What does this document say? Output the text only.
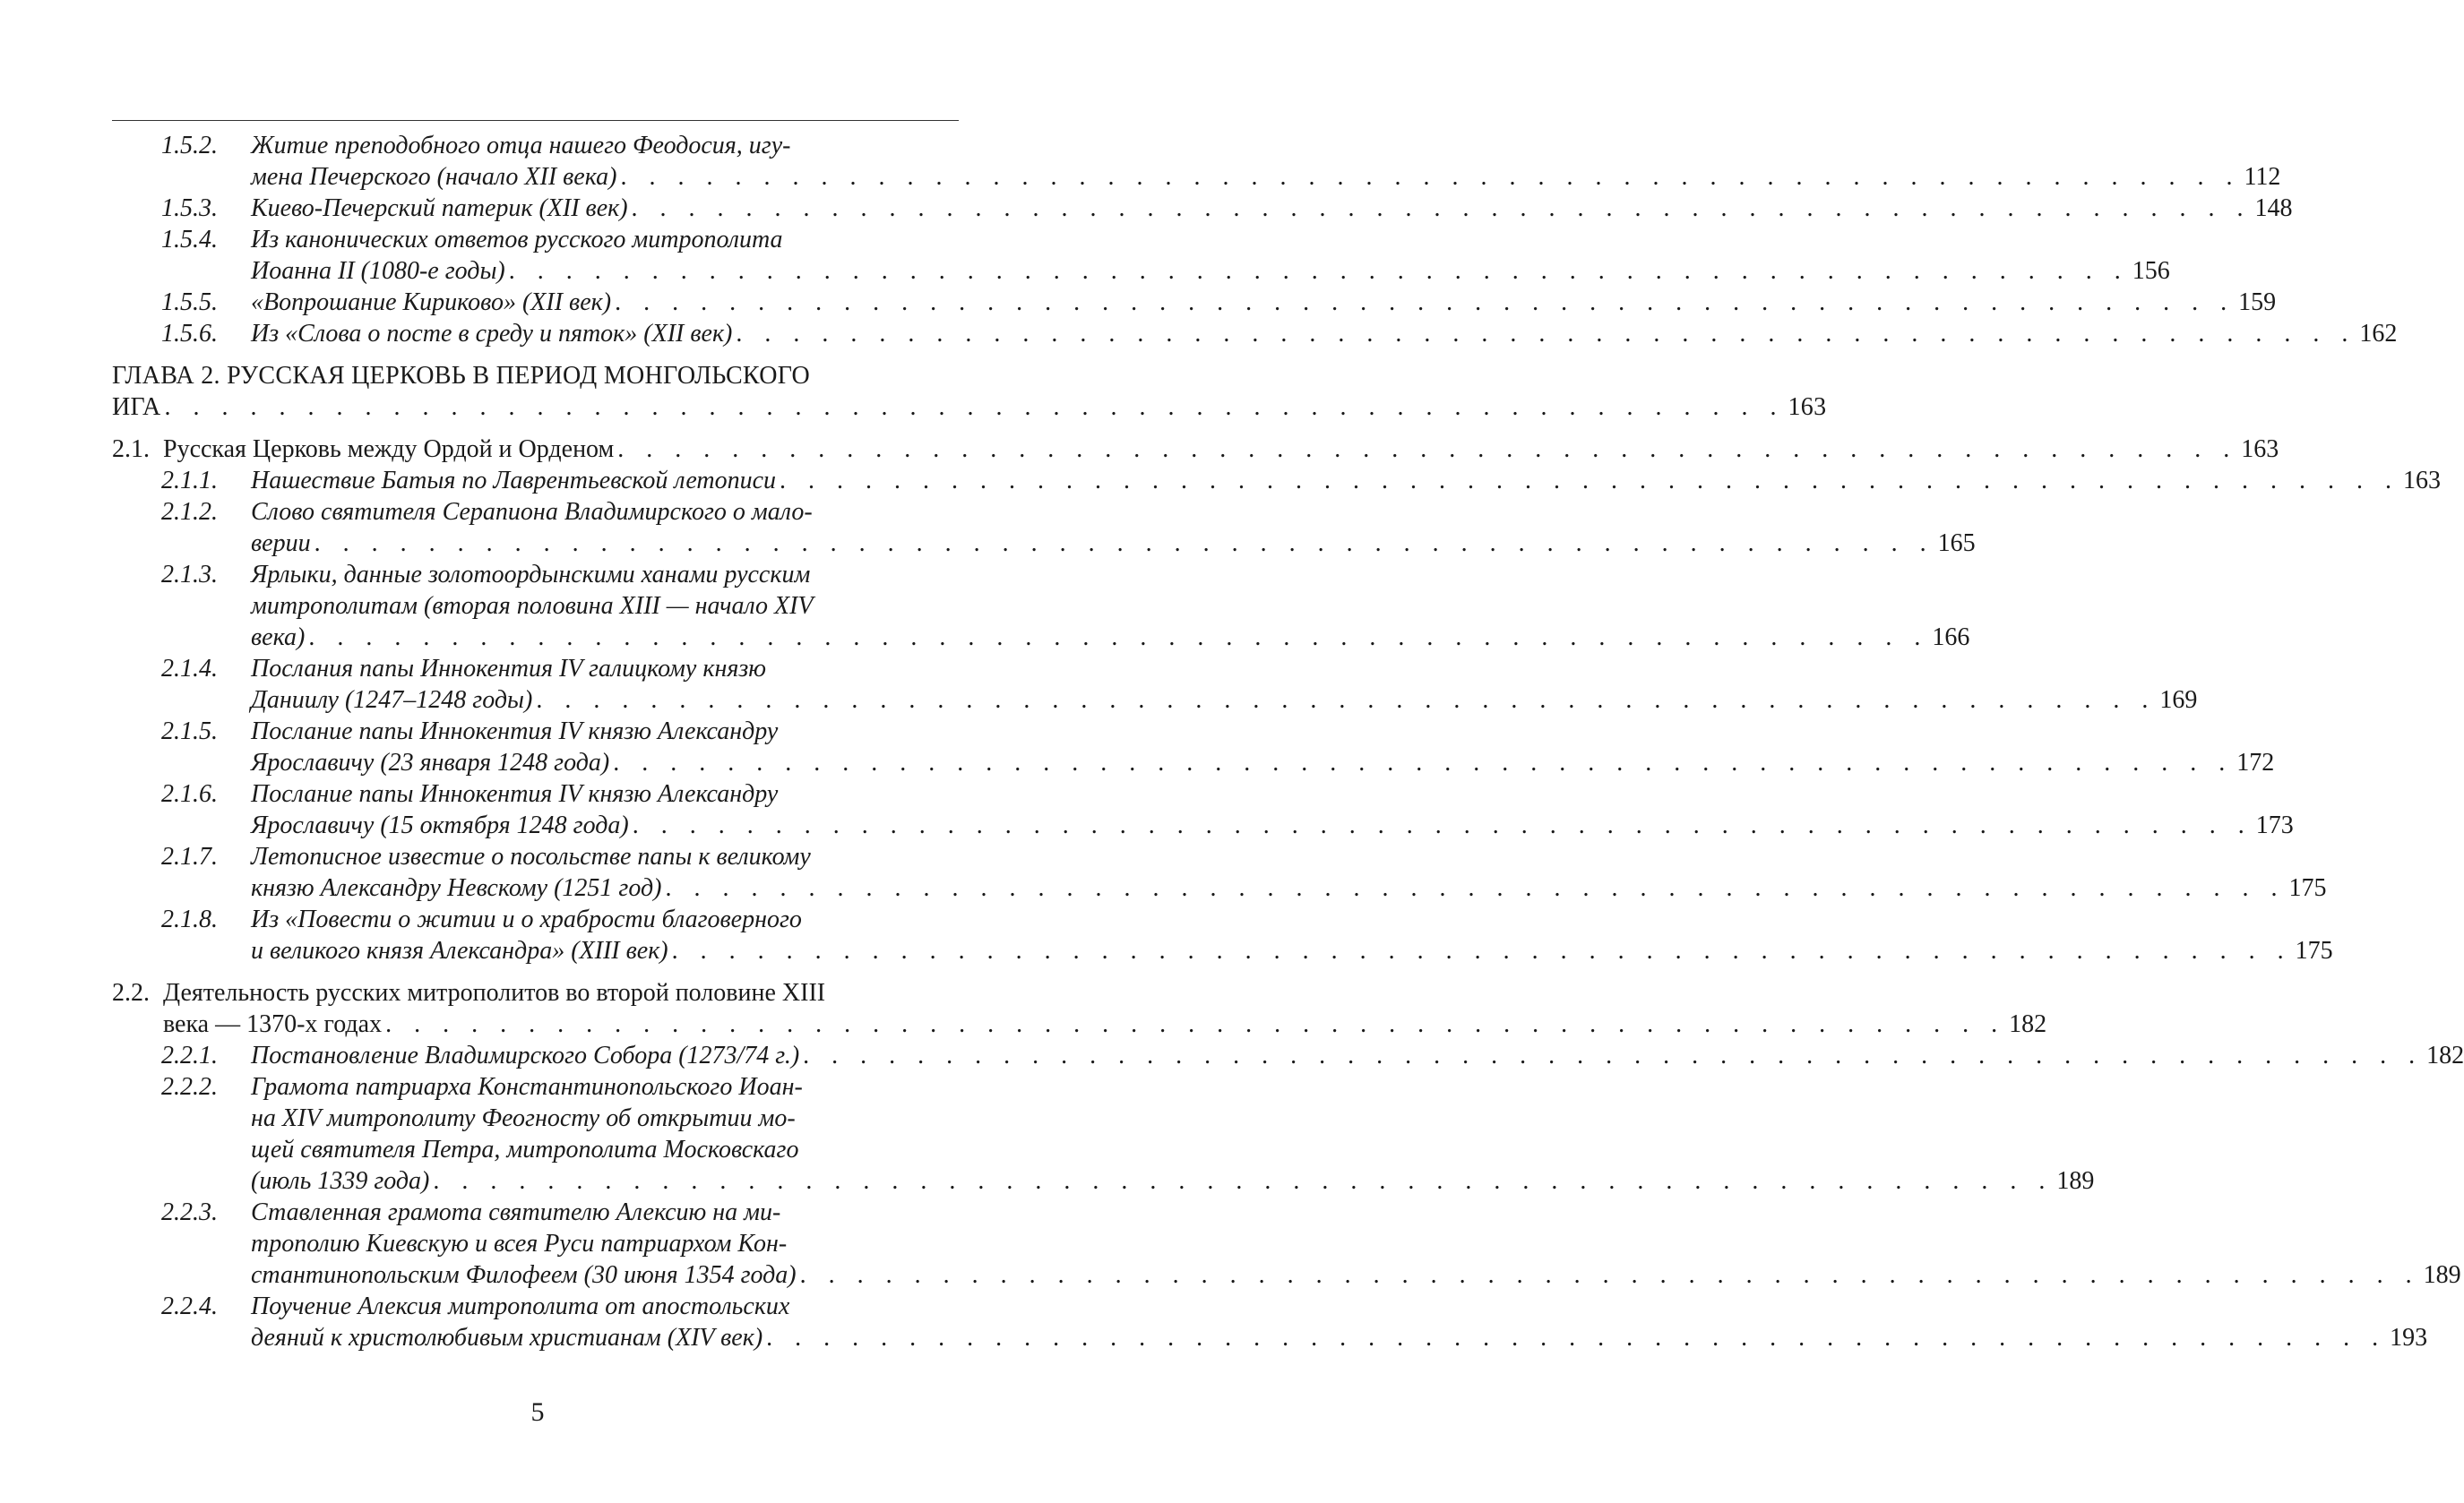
1.5.2.	Житие преподобного отца нашего Феодосия, игу-
мена Печерского (начало XII века) . . . . . . . . . . . . . . . . . . . . . . . . . . . . . . . . . . . . . . . . . . . . . . . . . . . . . . . . . 112
1.5.3.	Киево-Печерский патерик (XII век) . . . . . . . . . . . . . . . . . . . . . . . . . . . . . . . . . . . . . . . . . . . . . . . . . . . . . . . . . 148
1.5.4.	Из канонических ответов русского митрополита
Иоанна II (1080-е годы) . . . . . . . . . . . . . . . . . . . . . . . . . . . . . . . . . . . . . . . . . . . . . . . . . . . . . . . . . 156
1.5.5.	«Вопрошание Кириково» (XII век) . . . . . . . . . . . . . . . . . . . . . . . . . . . . . . . . . . . . . . . . . . . . . . . . . . . . . . . . . 159
1.5.6.	Из «Слова о посте в среду и пяток» (XII век) . . . . . . . . . . . . . . . . . . . . . . . . . . . . . . . . . . . . . . . . . . . . . . . . . . . . . . . . . 162
ГЛАВА 2. РУССКАЯ ЦЕРКОВЬ В ПЕРИОД МОНГОЛЬСКОГО
ИГА . . . . . . . . . . . . . . . . . . . . . . . . . . . . . . . . . . . . . . . . . . . . . . . . . . . . . . . . . 163
2.1. Русская Церковь между Ордой и Орденом . . . . . . . . . . . . . . . . . . . . . . . . . . . . . . . . . . . . . . . . . . . . . . . . . . . . . . . . . 163
2.1.1.	Нашествие Батыя по Лаврентьевской летописи . . . . . . . . . . . . . . . . . . . . . . . . . . . . . . . . . . . . . . . . . . . . . . . . . . . . . . . . . 163
2.1.2.	Слово святителя Серапиона Владимирского о мало-
верии . . . . . . . . . . . . . . . . . . . . . . . . . . . . . . . . . . . . . . . . . . . . . . . . . . . . . . . . . 165
2.1.3.	Ярлыки, данные золотоордынскими ханами русским
митрополитам (вторая половина XIII — начало XIV
века) . . . . . . . . . . . . . . . . . . . . . . . . . . . . . . . . . . . . . . . . . . . . . . . . . . . . . . . . . 166
2.1.4.	Послания папы Иннокентия IV галицкому князю
Даниилу (1247–1248 годы) . . . . . . . . . . . . . . . . . . . . . . . . . . . . . . . . . . . . . . . . . . . . . . . . . . . . . . . . . 169
2.1.5.	Послание папы Иннокентия IV князю Александру
Ярославичу (23 января 1248 года) . . . . . . . . . . . . . . . . . . . . . . . . . . . . . . . . . . . . . . . . . . . . . . . . . . . . . . . . . 172
2.1.6.	Послание папы Иннокентия IV князю Александру
Ярославичу (15 октября 1248 года) . . . . . . . . . . . . . . . . . . . . . . . . . . . . . . . . . . . . . . . . . . . . . . . . . . . . . . . . . 173
2.1.7.	Летописное известие о посольстве папы к великому
князю Александру Невскому (1251 год) . . . . . . . . . . . . . . . . . . . . . . . . . . . . . . . . . . . . . . . . . . . . . . . . . . . . . . . . . 175
2.1.8.	Из «Повести о житии и о храбрости благоверного
и великого князя Александра» (XIII век) . . . . . . . . . . . . . . . . . . . . . . . . . . . . . . . . . . . . . . . . . . . . . . . . . . . . . . . . . 175
2.2. Деятельность русских митрополитов во второй половине XIII
века — 1370-х годах . . . . . . . . . . . . . . . . . . . . . . . . . . . . . . . . . . . . . . . . . . . . . . . . . . . . . . . . . 182
2.2.1.	Постановление Владимирского Собора (1273/74 г.) . . . . . . . . . . . . . . . . . . . . . . . . . . . . . . . . . . . . . . . . . . . . . . . . . . . . . . . . . 182
2.2.2.	Грамота патриарха Константинопольского Иоан-
на XIV митрополиту Феогносту об открытии мо-
щей святителя Петра, митрополита Московскаго
(июль 1339 года) . . . . . . . . . . . . . . . . . . . . . . . . . . . . . . . . . . . . . . . . . . . . . . . . . . . . . . . . . 189
2.2.3.	Ставленная грамота святителю Алексию на ми-
трополию Киевскую и всея Руси патриархом Кон-
стантинопольским Филофеем (30 июня 1354 года) . . . . . . . . . . . . . . . . . . . . . . . . . . . . . . . . . . . . . . . . . . . . . . . . . . . . . . . . . 189
2.2.4.	Поучение Алексия митрополита от апостольских
деяний к христолюбивым христианам (XIV век) . . . . . . . . . . . . . . . . . . . . . . . . . . . . . . . . . . . . . . . . . . . . . . . . . . . . . . . . . 193
5
